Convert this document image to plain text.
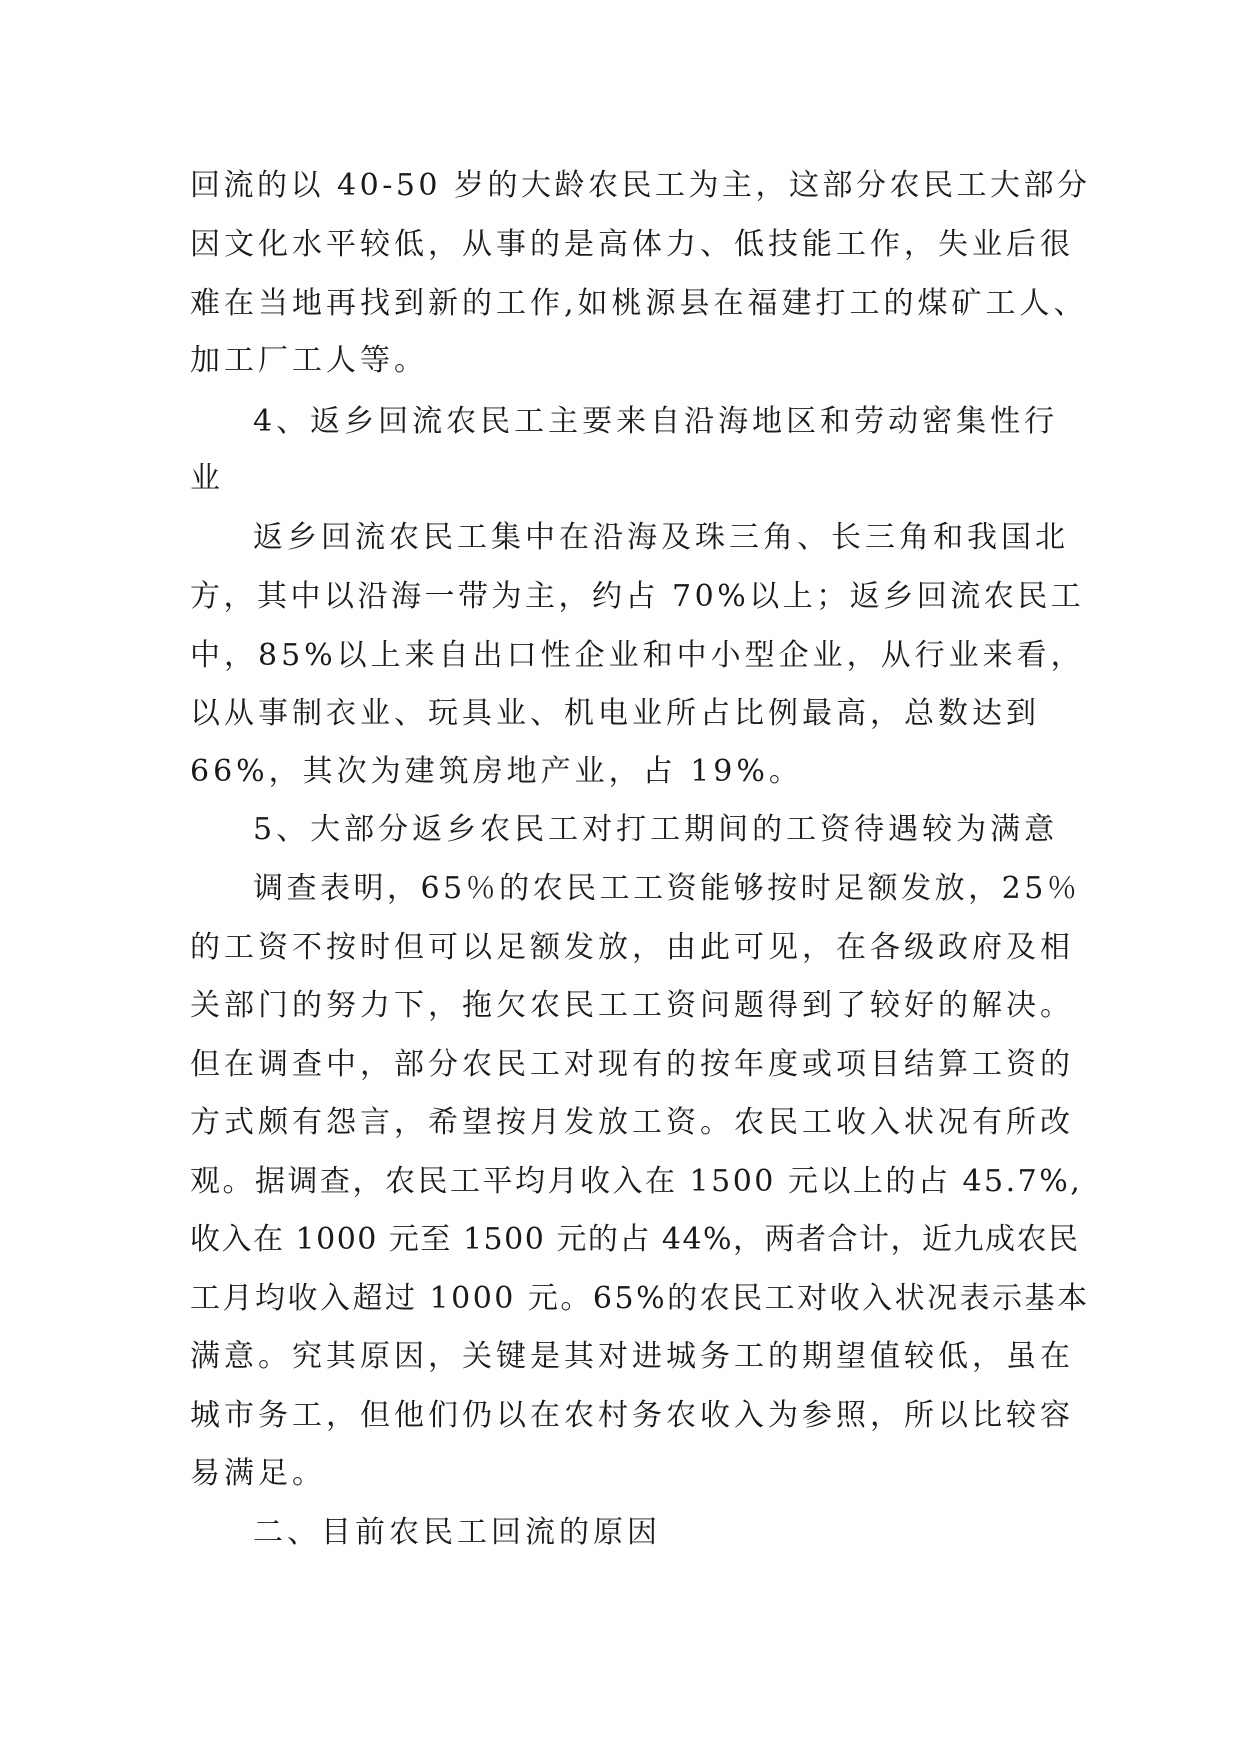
回流的以 40-50 岁的大龄农民工为主，这部分农民工大部分
因文化水平较低，从事的是高体力、低技能工作，失业后很
难在当地再找到新的工作,如桃源县在福建打工的煤矿工人、
加工厂工人等。
4、返乡回流农民工主要来自沿海地区和劳动密集性行
业
返乡回流农民工集中在沿海及珠三角、长三角和我国北
方，其中以沿海一带为主，约占 70%以上；返乡回流农民工
中，85%以上来自出口性企业和中小型企业，从行业来看，
以从事制衣业、玩具业、机电业所占比例最高，总数达到
66%，其次为建筑房地产业，占 19%。
5、大部分返乡农民工对打工期间的工资待遇较为满意
调查表明，65％的农民工工资能够按时足额发放，25％
的工资不按时但可以足额发放，由此可见，在各级政府及相
关部门的努力下，拖欠农民工工资问题得到了较好的解决。
但在调查中，部分农民工对现有的按年度或项目结算工资的
方式颇有怨言，希望按月发放工资。农民工收入状况有所改
观。据调查，农民工平均月收入在 1500 元以上的占 45.7%,
收入在 1000 元至 1500 元的占 44%，两者合计，近九成农民
工月均收入超过 1000 元。65%的农民工对收入状况表示基本
满意。究其原因，关键是其对进城务工的期望值较低，虽在
城市务工，但他们仍以在农村务农收入为参照，所以比较容
易满足。
二、目前农民工回流的原因
